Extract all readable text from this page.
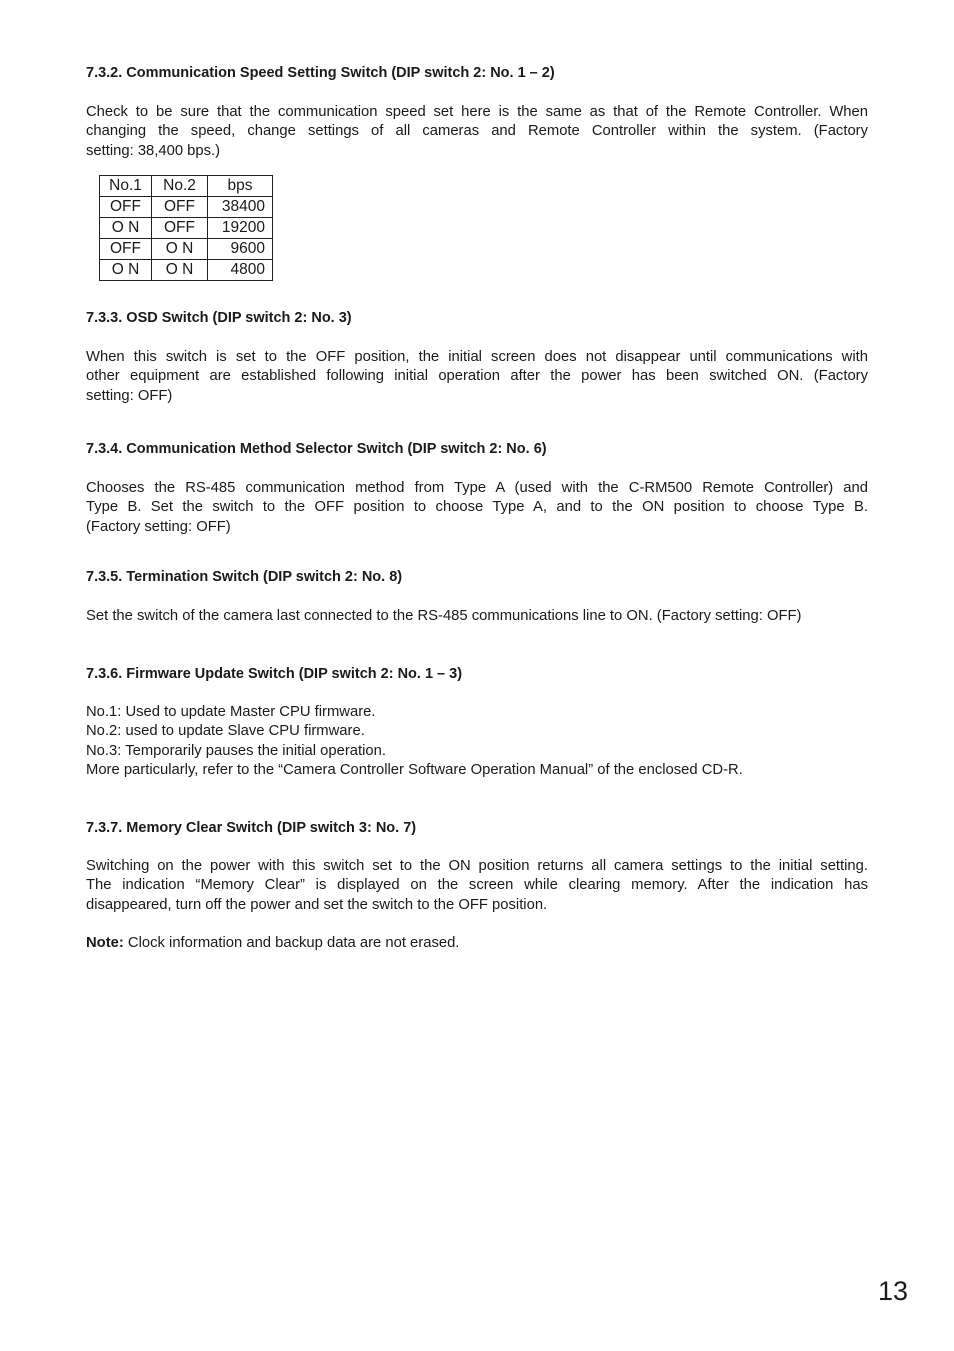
7.3.2. Communication Speed Setting Switch (DIP switch 2: No. 1 – 2)

Check to be sure that the communication speed set here is the same as that of the Remote Controller. When
changing the speed, change settings of all cameras and Remote Controller within the system. (Factory
setting: 38,400 bps.)

No.1	No.2	bps
OFF	OFF	38400
O N	OFF	19200
OFF	O N	9600
O N	O N	4800
7.3.3. OSD Switch (DIP switch 2: No. 3)

When this switch is set to the OFF position, the initial screen does not disappear until communications with
other equipment are established following initial operation after the power has been switched ON. (Factory
setting: OFF)

7.3.4. Communication Method Selector Switch (DIP switch 2: No. 6)

Chooses the RS-485 communication method from Type A (used with the C-RM500 Remote Controller) and
Type B. Set the switch to the OFF position to choose Type A, and to the ON position to choose Type B.
(Factory setting: OFF)

7.3.5. Termination Switch (DIP switch 2: No. 8)

Set the switch of the camera last connected to the RS-485 communications line to ON. (Factory setting: OFF)

7.3.6. Firmware Update Switch (DIP switch 2: No. 1 – 3)

No.1: Used to update Master CPU firmware.
No.2: used to update Slave CPU firmware.
No.3: Temporarily pauses the initial operation.
More particularly, refer to the “Camera Controller Software Operation Manual” of the enclosed CD-R.

7.3.7. Memory Clear Switch (DIP switch 3: No. 7)

Switching on the power with this switch set to the ON position returns all camera settings to the initial setting.
The indication “Memory Clear” is displayed on the screen while clearing memory. After the indication has
disappeared, turn off the power and set the switch to the OFF position.

Note: Clock information and backup data are not erased.

13
